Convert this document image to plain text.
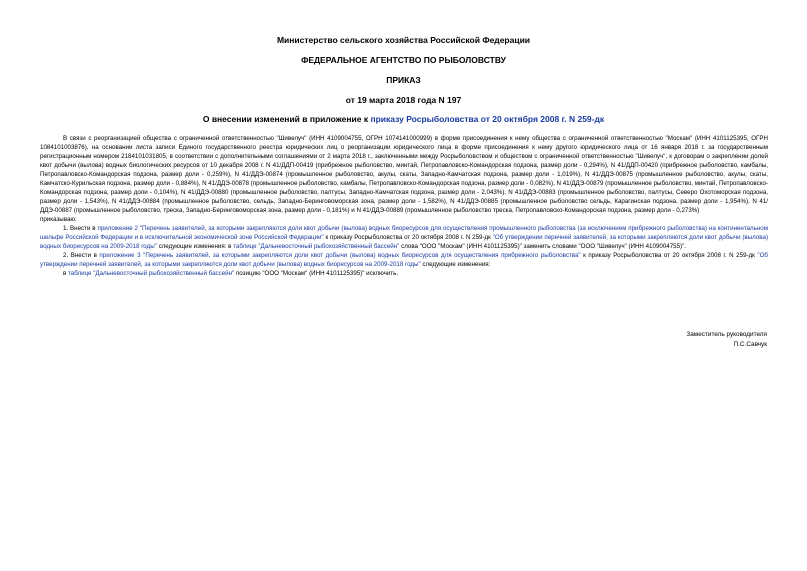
Министерство сельского хозяйства Российской Федерации
ФЕДЕРАЛЬНОЕ АГЕНТСТВО ПО РЫБОЛОВСТВУ
ПРИКАЗ
от 19 марта 2018 года N 197
О внесении изменений в приложение к приказу Росрыболовства от 20 октября 2008 г. N 259-дк

В связи с реорганизацией общества с ограниченной ответственностью "Шивелуч" (ИНН 4109004755, ОГРН 1074141000999) в форме присоединения к нему общества с ограниченной ответственностью "Москам" (ИНН 4101125395, ОГРН 1084101003876), на основании листа записи Единого государственного реестра юридических лиц о реорганизации юридического лица в форме присоединения к нему другого юридического лица от 16 января 2018 г. за государственным регистрационным номером 2184101031805, в соответствии с дополнительными соглашениями от 2 марта 2018 г., заключенными между Росрыболовством и обществом с ограниченной ответственностью "Шивелуч", к договорам о закреплении долей квот добычи (вылова) водных биологических ресурсов от 10 декабря 2008 г. N 41/ДДП-00419 (прибрежное рыболовство, минтай, Петропавловско-Командорская подзона, размер доли - 0,294%), N 41/ДДП-00420 (прибрежное рыболовство, камбалы, Петропавловско-Командорская подзона, размер доли - 0,259%), N 41/ДДЭ-00874 (промышленное рыболовство, акулы, скаты, Западно-Камчатская подзона, размер доли - 1,019%), N 41/ДДЭ-00875 (промышленное рыболовство, акулы, скаты, Камчатско-Курильская подзона, размер доли - 0,884%), N 41/ДДЭ-00878 (промышленное рыболовство, камбалы, Петропавловско-Командорская подзона, размер доли - 0,082%), N 41/ДДЭ-00879 (промышленное рыболовство, минтай, Петропавловско-Командорская подзона, размер доли - 0,104%), N 41/ДДЭ-00880 (промышленное рыболовство, палтусы, Западно-Камчатская подзона, размер доли - 2,043%), N 41/ДДЭ-00883 (промышленное рыболовство, палтусы, Северо Охотоморская подзона, размер доли - 1,543%), N 41/ДДЭ-00884 (промышленное рыболовство, сельдь, Западно-Беринговоморская зона, размер доли - 1,582%), N 41/ДДЭ-00885 (промышленное рыболовство сельдь, Карагинская подзона, размер доли - 1,954%), N 41/ДДЭ-00887 (промышленное рыболовство, треска, Западно-Беринговоморская зона, размер доли - 0,181%) и N 41/ДДЭ-00889 (промышленное рыболовство треска, Петропавловско-Командорская подзона, размер доли - 0,273%)

приказываю:

1. Внести в приложение 2 "Перечень заявителей, за которыми закрепляются доли квот добычи (вылова) водных биоресурсов для осуществления промышленного рыболовства (за исключением прибрежного рыболовства) на континентальном шельфе Российской Федерации и в исключительной экономической зоне Российской Федерации" к приказу Росрыболовства от 20 октября 2008 г. N 259-дк "Об утверждении перечней заявителей, за которыми закрепляются доли квот добычи (вылова) водных биоресурсов на 2009-2018 годы" следующие изменения: в таблице "Дальневосточный рыбохозяйственный бассейн" слова "ООО "Москам" (ИНН 4101125395)" заменить словами "ООО "Шивелуч" (ИНН 4109004755)".

2. Внести в приложение 3 "Перечень заявителей, за которыми закрепляются доли квот добычи (вылова) водных биоресурсов для осуществления прибрежного рыболовства" к приказу Росрыболовства от 20 октября 2008 г. N 259-дк "Об утверждении перечней заявителей, за которыми закрепляются доли квот добычи (вылова) водных биоресурсов на 2009-2018 годы" следующие изменения:

в таблице "Дальневосточный рыбохозяйственный бассейн" позицию "ООО "Москам" (ИНН 4101125395)" исключить.

Заместитель руководителя
П.С.Савчук
